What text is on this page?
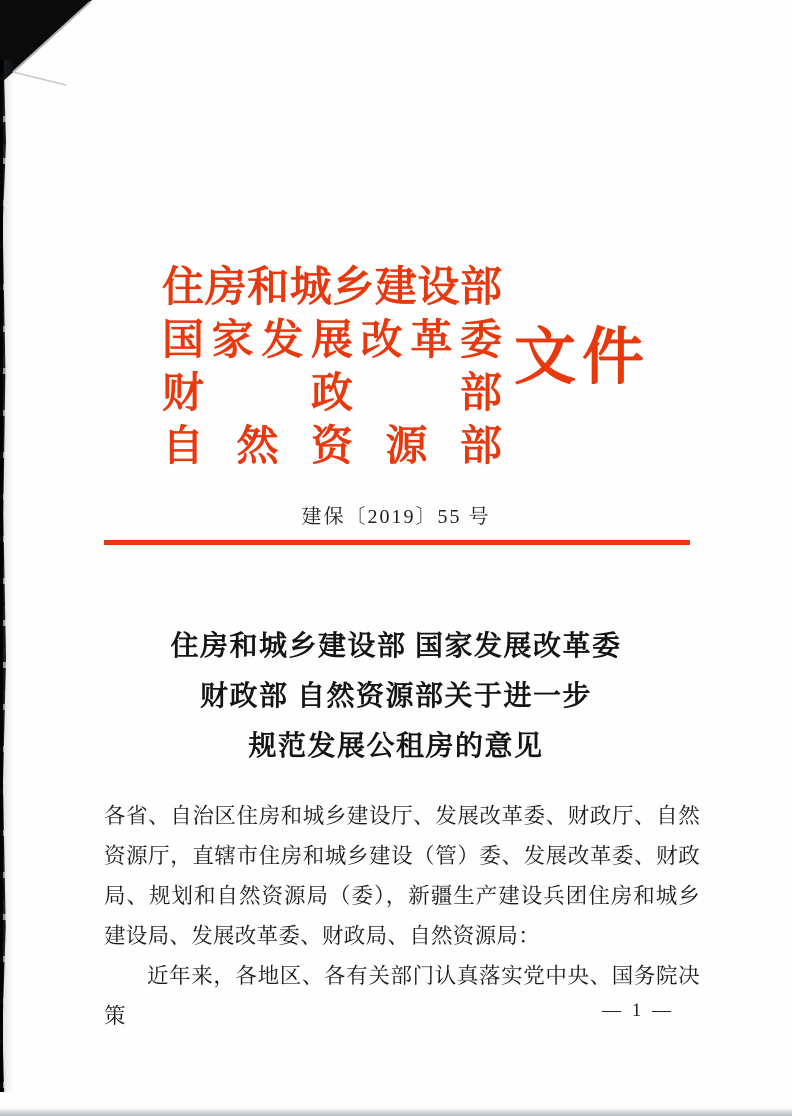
住房和城乡建设部
国家发展改革委
财政部
自然资源部
文件
建保〔2019〕55 号
住房和城乡建设部 国家发展改革委
财政部 自然资源部关于进一步
规范发展公租房的意见
各省、自治区住房和城乡建设厅、发展改革委、财政厅、自然资源厅，直辖市住房和城乡建设（管）委、发展改革委、财政局、规划和自然资源局（委），新疆生产建设兵团住房和城乡建设局、发展改革委、财政局、自然资源局：
近年来，各地区、各有关部门认真落实党中央、国务院决策	— 1 —
